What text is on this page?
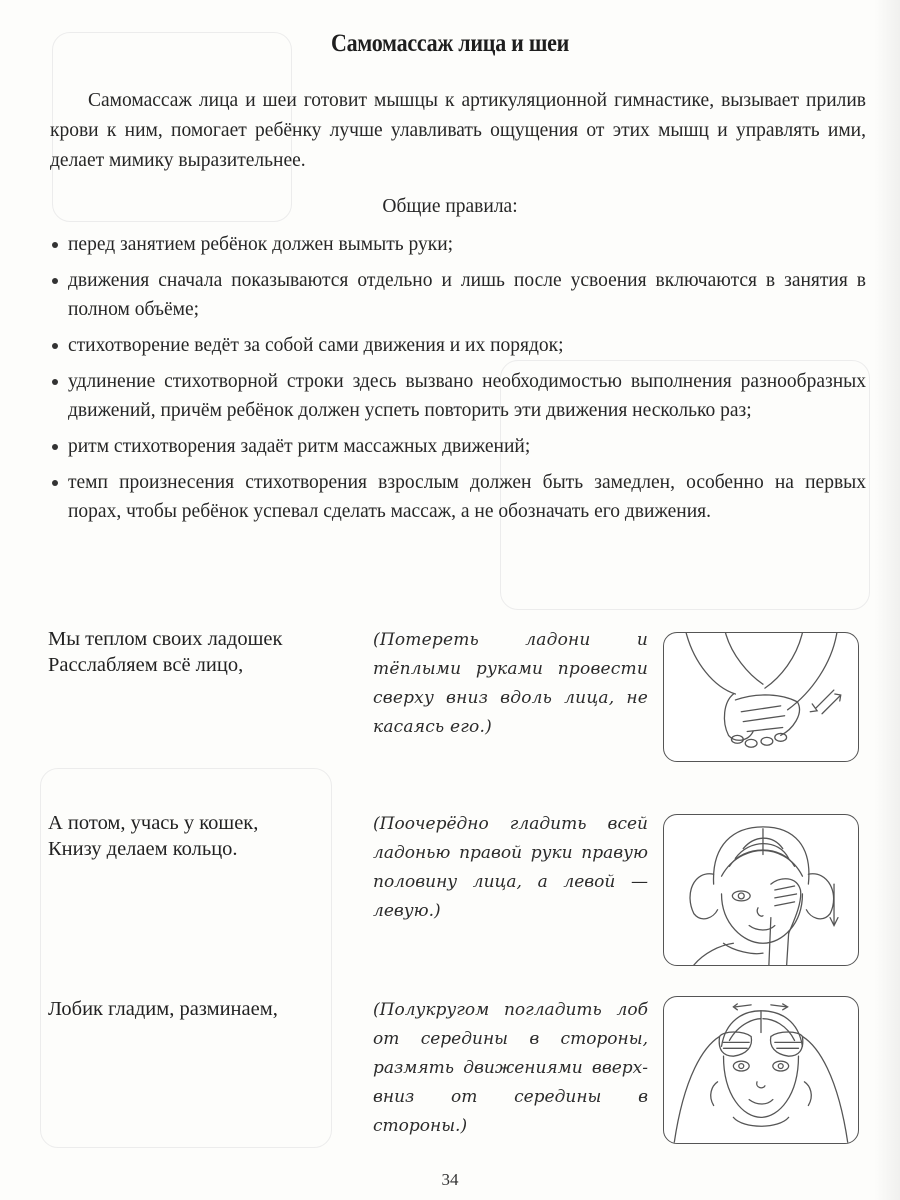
Самомассаж лица и шеи

Самомассаж лица и шеи готовит мышцы к артикуляционной гимнастике, вызывает прилив крови к ним, помогает ребёнку лучше улавливать ощущения от этих мышц и управлять ими, делает мимику выразительнее.

Общие правила:
перед занятием ребёнок должен вымыть руки;
движения сначала показываются отдельно и лишь после усвоения включаются в занятия в полном объёме;
стихотворение ведёт за собой сами движения и их порядок;
удлинение стихотворной строки здесь вызвано необходимостью выполнения разнообразных движений, причём ребёнок должен успеть повторить эти движения несколько раз;
ритм стихотворения задаёт ритм массажных движений;
темп произнесения стихотворения взрослым должен быть замедлен, особенно на первых порах, чтобы ребёнок успевал сделать массаж, а не обозначать его движения.
Мы теплом своих ладошек
Расслабляем всё лицо,
(Потереть ладони и тёплыми руками провести сверху вниз вдоль лица, не касаясь его.)
А потом, учась у кошек,
Книзу делаем кольцо.
(Поочерёдно гладить всей ладонью правой руки правую половину лица, а левой — левую.)
Лобик гладим, разминаем,	(Полукругом погладить лоб от середины в стороны, размять движениями вверх-вниз от середины в стороны.)
34
